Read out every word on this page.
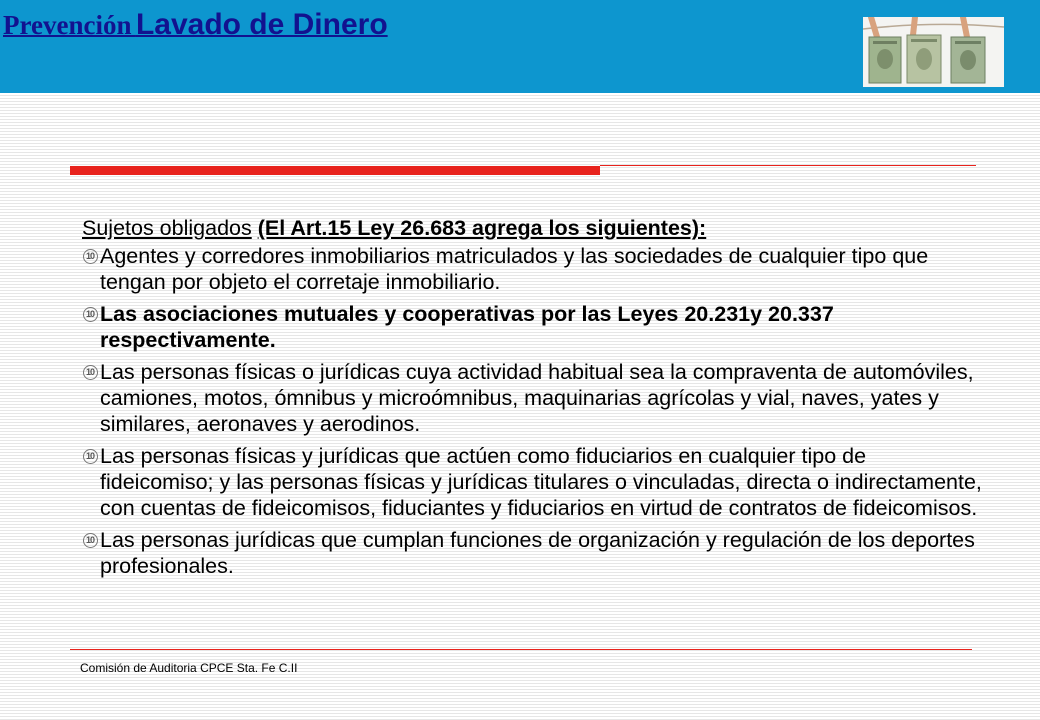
Prevención Lavado de Dinero
Sujetos obligados (El Art.15 Ley 26.683 agrega los siguientes):
10 Agentes y corredores inmobiliarios matriculados y las sociedades de cualquier tipo que tengan por objeto el corretaje inmobiliario.
10 Las asociaciones mutuales y cooperativas por las Leyes 20.231y 20.337 respectivamente.
10 Las personas físicas o jurídicas cuya actividad habitual sea la compraventa de automóviles, camiones, motos, ómnibus y microómnibus, maquinarias agrícolas y vial, naves, yates y similares, aeronaves y aerodinos.
10 Las personas físicas y jurídicas que actúen como fiduciarios en cualquier tipo de fideicomiso; y las personas físicas y jurídicas titulares o vinculadas, directa o indirectamente, con cuentas de fideicomisos, fiduciantes y fiduciarios en virtud de contratos de fideicomisos.
10 Las personas jurídicas que cumplan funciones de organización y regulación de los deportes profesionales.
Comisión de Auditoria CPCE Sta. Fe C.II
